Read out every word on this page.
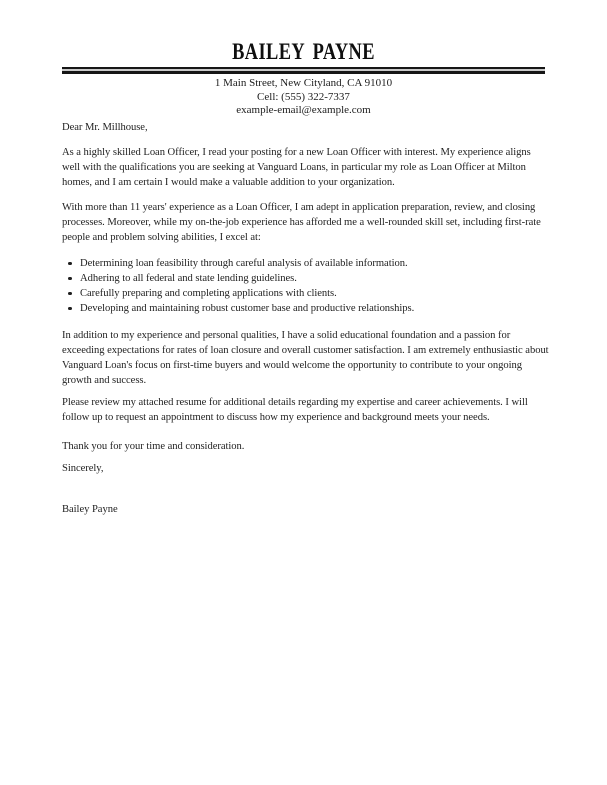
BAILEY PAYNE
1 Main Street, New Cityland, CA 91010
Cell: (555) 322-7337
example-email@example.com

Dear Mr. Millhouse,

As a highly skilled Loan Officer, I read your posting for a new Loan Officer with interest. My experience aligns well with the qualifications you are seeking at Vanguard Loans, in particular my role as Loan Officer at Milton homes, and I am certain I would make a valuable addition to your organization.

With more than 11 years' experience as a Loan Officer, I am adept in application preparation, review, and closing processes. Moreover, while my on-the-job experience has afforded me a well-rounded skill set, including first-rate people and problem solving abilities, I excel at:

Determining loan feasibility through careful analysis of available information.
Adhering to all federal and state lending guidelines.
Carefully preparing and completing applications with clients.
Developing and maintaining robust customer base and productive relationships.

In addition to my experience and personal qualities, I have a solid educational foundation and a passion for exceeding expectations for rates of loan closure and overall customer satisfaction. I am extremely enthusiastic about Vanguard Loan's focus on first-time buyers and would welcome the opportunity to contribute to your ongoing growth and success.

Please review my attached resume for additional details regarding my expertise and career achievements. I will follow up to request an appointment to discuss how my experience and background meets your needs.

Thank you for your time and consideration.

Sincerely,

Bailey Payne
